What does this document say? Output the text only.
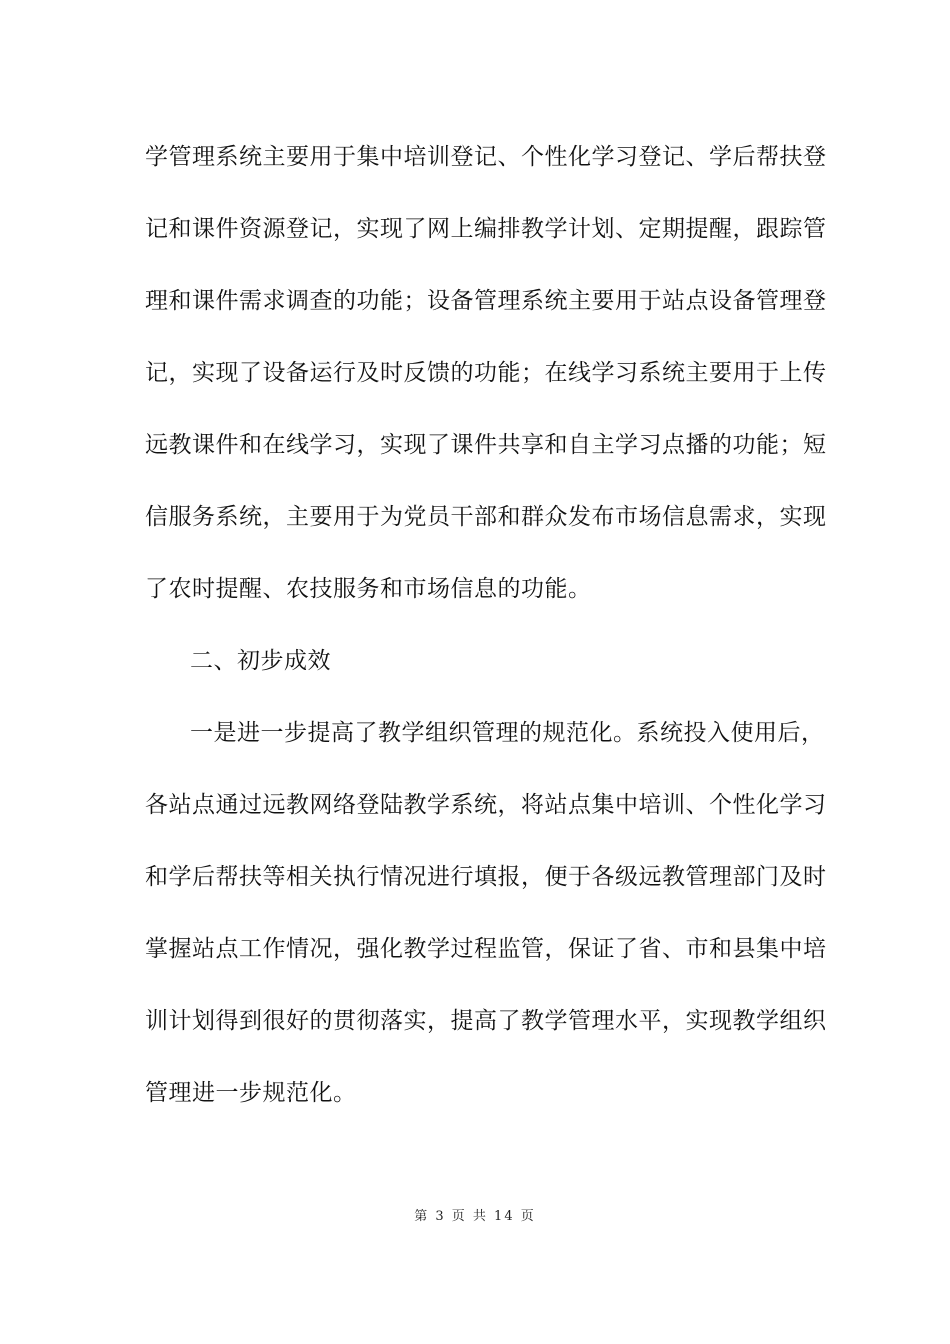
学管理系统主要用于集中培训登记、个性化学习登记、学后帮扶登
记和课件资源登记，实现了网上编排教学计划、定期提醒，跟踪管
理和课件需求调查的功能；设备管理系统主要用于站点设备管理登
记，实现了设备运行及时反馈的功能；在线学习系统主要用于上传
远教课件和在线学习，实现了课件共享和自主学习点播的功能；短
信服务系统，主要用于为党员干部和群众发布市场信息需求，实现
了农时提醒、农技服务和市场信息的功能。
二、初步成效
一是进一步提高了教学组织管理的规范化。系统投入使用后，
各站点通过远教网络登陆教学系统，将站点集中培训、个性化学习
和学后帮扶等相关执行情况进行填报，便于各级远教管理部门及时
掌握站点工作情况，强化教学过程监管，保证了省、市和县集中培
训计划得到很好的贯彻落实，提高了教学管理水平，实现教学组织
管理进一步规范化。
第 3 页 共 14 页
